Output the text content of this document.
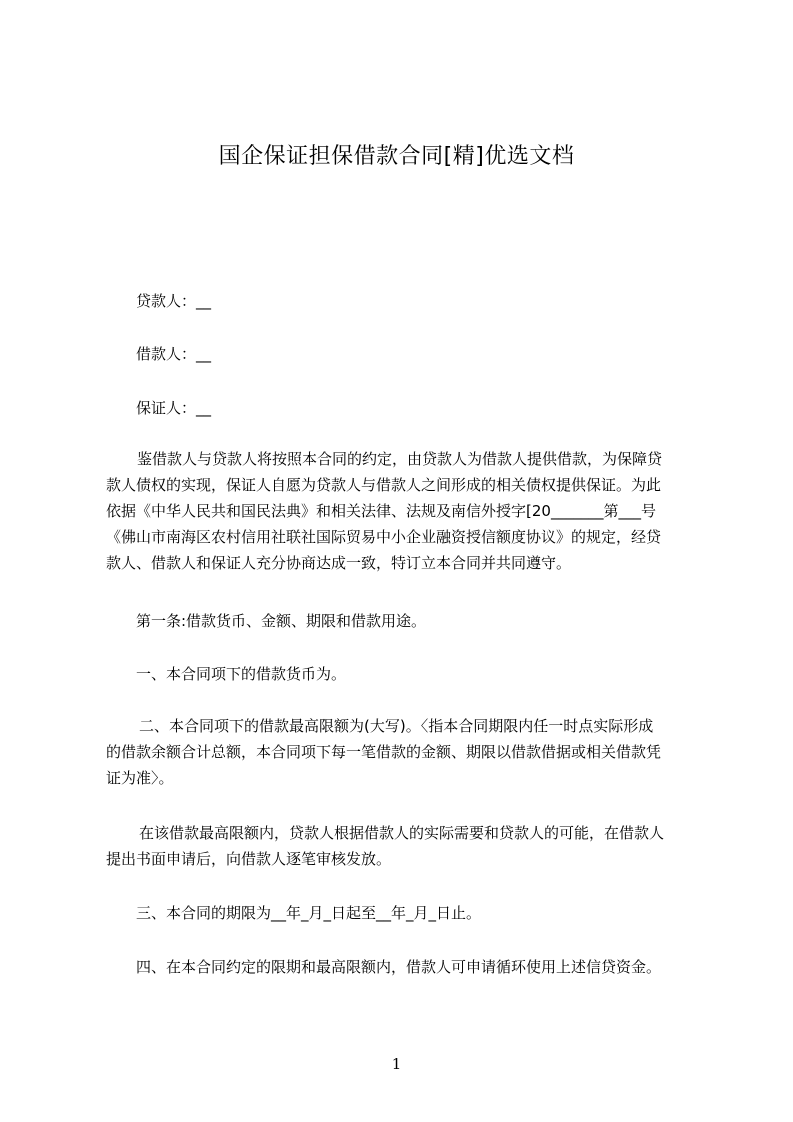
国企保证担保借款合同[精]优选文档
贷款人：__
借款人：__
保证人：__
鉴借款人与贷款人将按照本合同的约定，由贷款人为借款人提供借款，为保障贷
款人债权的实现，保证人自愿为贷款人与借款人之间形成的相关债权提供保证。为此
依据《中华人民共和国民法典》和相关法律、法规及南信外授字[20_______第___号
《佛山市南海区农村信用社联社国际贸易中小企业融资授信额度协议》的规定，经贷
款人、借款人和保证人充分协商达成一致，特订立本合同并共同遵守。
第一条:借款货币、金额、期限和借款用途。
一、本合同项下的借款货币为。
二、本合同项下的借款最高限额为(大写)。〈指本合同期限内任一时点实际形成
的借款余额合计总额，本合同项下每一笔借款的金额、期限以借款借据或相关借款凭
证为准〉。
在该借款最高限额内，贷款人根据借款人的实际需要和贷款人的可能，在借款人
提出书面申请后，向借款人逐笔审核发放。
三、本合同的期限为__年_月_日起至__年_月_日止。
四、在本合同约定的限期和最高限额内，借款人可申请循环使用上述信贷资金。
1
